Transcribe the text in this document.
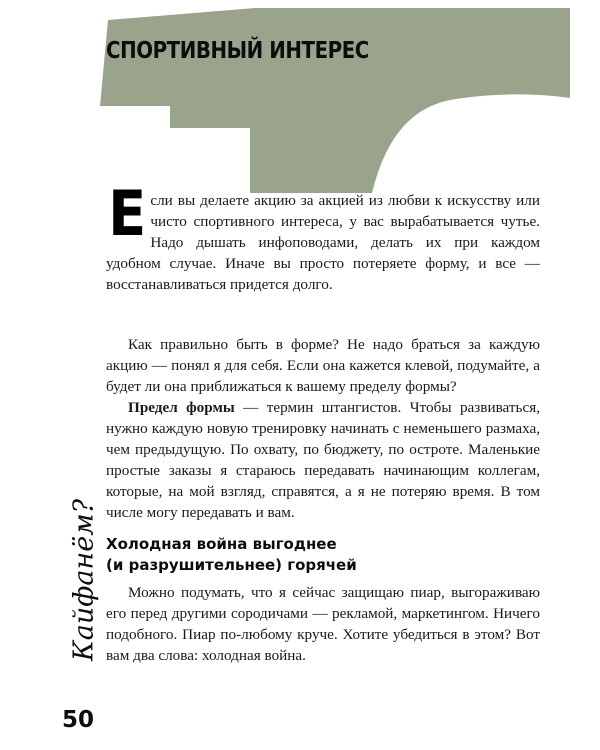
СПОРТИВНЫЙ ИНТЕРЕС

Если вы делаете акцию за акцией из любви к искусству или чисто спортивного интереса, у вас вырабатывается чутье. Надо дышать инфоповодами, делать их при каждом удобном случае. Иначе вы просто потеряете форму, и все — восстанавливаться придется долго.

Как правильно быть в форме? Не надо браться за каждую акцию — понял я для себя. Если она кажется клевой, подумайте, а будет ли она приближаться к вашему пределу формы?

Предел формы — термин штангистов. Чтобы развиваться, нужно каждую новую тренировку начинать с неменьшего размаха, чем предыдущую. По охвату, по бюджету, по остроте. Маленькие простые заказы я стараюсь передавать начинающим коллегам, которые, на мой взгляд, справятся, а я не потеряю время. В том числе могу передавать и вам.

Холодная война выгоднее
(и разрушительнее) горячей

Можно подумать, что я сейчас защищаю пиар, выгораживаю его перед другими сородичами — рекламой, маркетингом. Ничего подобного. Пиар по-любому круче. Хотите убедиться в этом? Вот вам два слова: холодная война.

Кайфанём?
50
